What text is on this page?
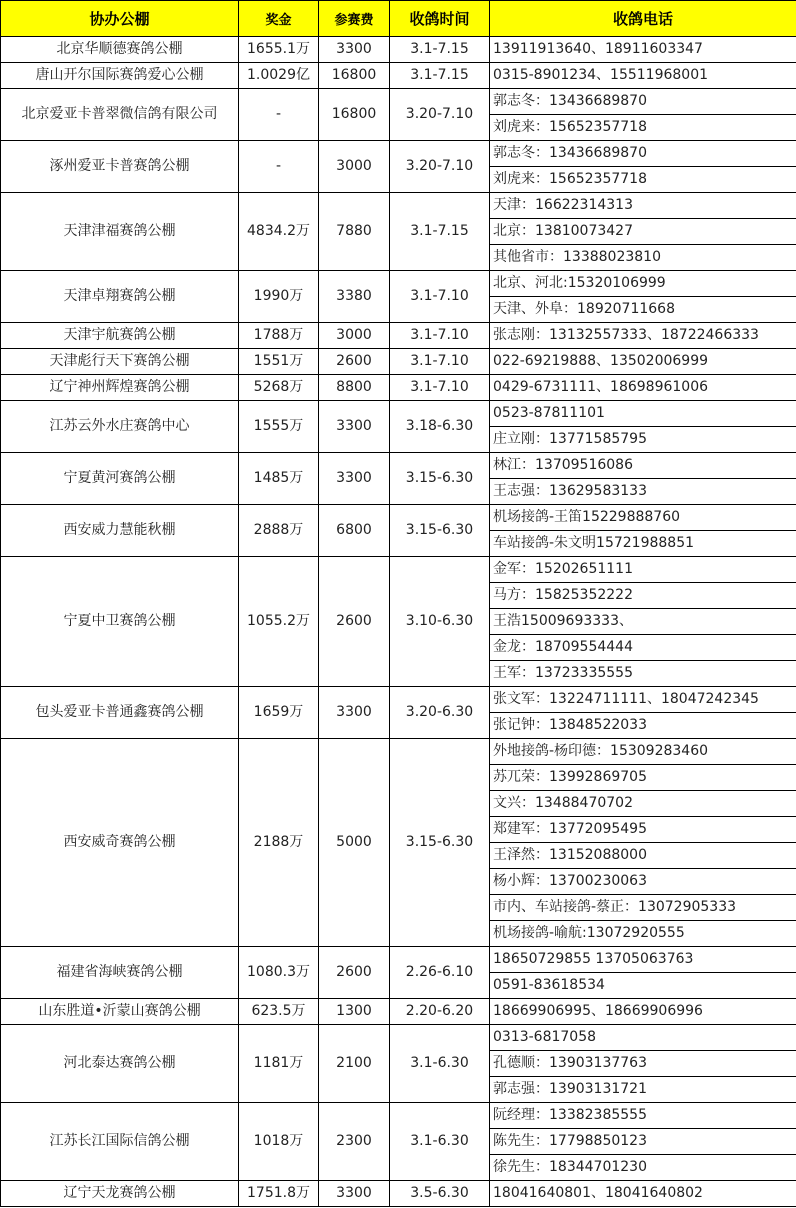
协办公棚	奖金	参赛费	收鸽时间	收鸽电话
北京华顺德赛鸽公棚	1655.1万	3300	3.1-7.15	13911913640、18911603347
唐山开尔国际赛鸽爱心公棚	1.0029亿	16800	3.1-7.15	0315-8901234、15511968001
北京爱亚卡普翠微信鸽有限公司	-	16800	3.20-7.10	郭志冬：13436689870
				刘虎来：15652357718
涿州爱亚卡普赛鸽公棚	-	3000	3.20-7.10	郭志冬：13436689870
				刘虎来：15652357718
天津津福赛鸽公棚	4834.2万	7880	3.1-7.15	天津：16622314313
				北京：13810073427
				其他省市：13388023810
天津卓翔赛鸽公棚	1990万	3380	3.1-7.10	北京、河北:15320106999
				天津、外阜：18920711668
天津宇航赛鸽公棚	1788万	3000	3.1-7.10	张志刚：13132557333、18722466333
天津彪行天下赛鸽公棚	1551万	2600	3.1-7.10	022-69219888、13502006999
辽宁神州辉煌赛鸽公棚	5268万	8800	3.1-7.10	0429-6731111、18698961006
江苏云外水庄赛鸽中心	1555万	3300	3.18-6.30	0523-87811101
				庄立刚：13771585795
宁夏黄河赛鸽公棚	1485万	3300	3.15-6.30	林江：13709516086
				王志强：13629583133
西安威力慧能秋棚	2888万	6800	3.15-6.30	机场接鸽-王笛15229888760
				车站接鸽-朱文明15721988851
宁夏中卫赛鸽公棚	1055.2万	2600	3.10-6.30	金军：15202651111
				马方：15825352222
				王浩15009693333、
				金龙：18709554444
				王军：13723335555
包头爱亚卡普通鑫赛鸽公棚	1659万	3300	3.20-6.30	张文军：13224711111、18047242345
				张记钟：13848522033
西安威奇赛鸽公棚	2188万	5000	3.15-6.30	外地接鸽-杨印德：15309283460
				苏兀荣：13992869705
				文兴：13488470702
				郑建军：13772095495
				王泽然：13152088000
				杨小辉：13700230063
				市内、车站接鸽-蔡正：13072905333
				机场接鸽-喻航:13072920555
福建省海峡赛鸽公棚	1080.3万	2600	2.26-6.10	18650729855 13705063763
				0591-83618534
山东胜道•沂蒙山赛鸽公棚	623.5万	1300	2.20-6.20	18669906995、18669906996
河北泰达赛鸽公棚	1181万	2100	3.1-6.30	0313-6817058
				孔德顺：13903137763
				郭志强：13903131721
江苏长江国际信鸽公棚	1018万	2300	3.1-6.30	阮经理：13382385555
				陈先生：17798850123
				徐先生：18344701230
辽宁天龙赛鸽公棚	1751.8万	3300	3.5-6.30	18041640801、18041640802
